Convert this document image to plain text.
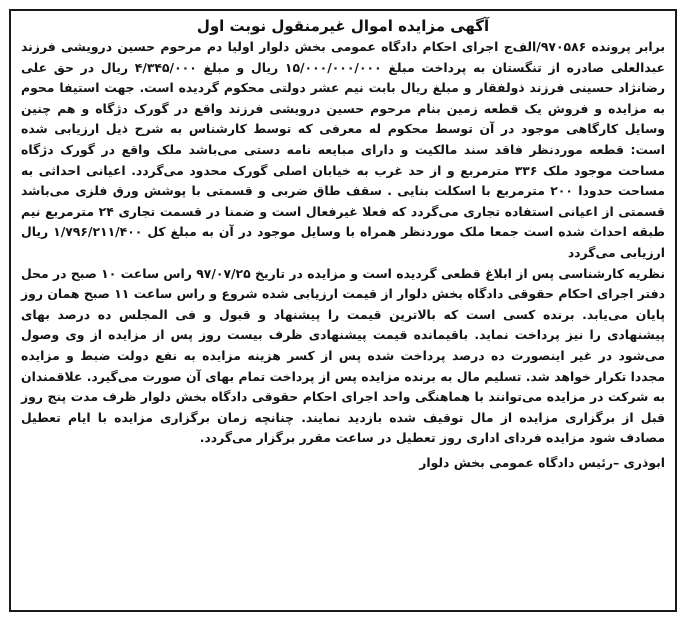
آگهی مزایده اموال غیرمنقول نوبت اول

برابر پرونده ۹۷۰۵۸۶/الف‌ج اجرای احکام دادگاه عمومی بخش دلوار اولیا دم مرحوم حسین درویشی فرزند عبدالعلی صادره از تنگستان به پرداخت مبلغ ۱۵/۰۰۰/۰۰۰/۰۰۰ ریال و مبلغ ۴/۳۴۵/۰۰۰ ریال در حق علی رضانژاد حسینی فرزند ذولفقار و مبلغ ریال بابت نیم عشر دولتی محکوم گردیده است. جهت استیفا محوم به مزایده و فروش یک قطعه زمین بنام مرحوم حسین درویشی فرزند واقع در گورک دژگاه و هم چنین وسایل کارگاهی موجود در آن توسط محکوم له معرفی که توسط کارشناس به شرح ذیل ارزیابی شده است: قطعه موردنظر فاقد سند مالکیت و دارای مبایعه نامه دستی می‌باشد ملک واقع در گورک دژگاه مساحت موجود ملک ۳۳۶ مترمربع و از حد غرب به خیابان اصلی گورک محدود می‌گردد. اعیانی احداثی به مساحت حدودا ۲۰۰ مترمربع با اسکلت بنایی . سقف طاق ضربی و قسمتی با پوشش ورق فلزی می‌باشد قسمتی از اعیانی استفاده تجاری می‌گردد که فعلا غیرفعال است و ضمنا در قسمت تجاری ۲۴ مترمربع نیم طبقه احداث شده است جمعا ملک موردنظر همراه با وسایل موجود در آن به مبلغ کل ۱/۷۹۶/۲۱۱/۴۰۰ ریال ارزیابی می‌گردد

نظریه کارشناسی پس از ابلاغ قطعی گردیده است و مزایده در تاریخ ۹۷/۰۷/۲۵ راس ساعت ۱۰ صبح در محل دفتر اجرای احکام حقوقی دادگاه بخش دلوار از قیمت ارزیابی شده شروع و راس ساعت ۱۱ صبح همان روز پایان می‌یابد. برنده کسی است که بالاترین قیمت را پیشنهاد و قبول و فی المجلس ده درصد بهای پیشنهادی را نیز پرداخت نماید. باقیمانده قیمت پیشنهادی ظرف بیست روز پس از مزایده از وی وصول می‌شود در غیر اینصورت ده درصد پرداخت شده پس از کسر هزینه مزایده به نفع دولت ضبط و مزایده مجددا تکرار خواهد شد. تسلیم مال به برنده مزایده پس از پرداخت تمام بهای آن صورت می‌گیرد. علاقمندان به شرکت در مزایده می‌توانند با هماهنگی واحد اجرای احکام حقوقی دادگاه بخش دلوار ظرف مدت پنج روز قبل از برگزاری مزایده از مال توقیف شده بازدید نمایند. چنانچه زمان برگزاری مزایده با ایام تعطیل مصادف شود مزایده فردای اداری روز تعطیل در ساعت مقرر برگزار می‌گردد.

ابوذری –رئیس دادگاه عمومی بخش دلوار
